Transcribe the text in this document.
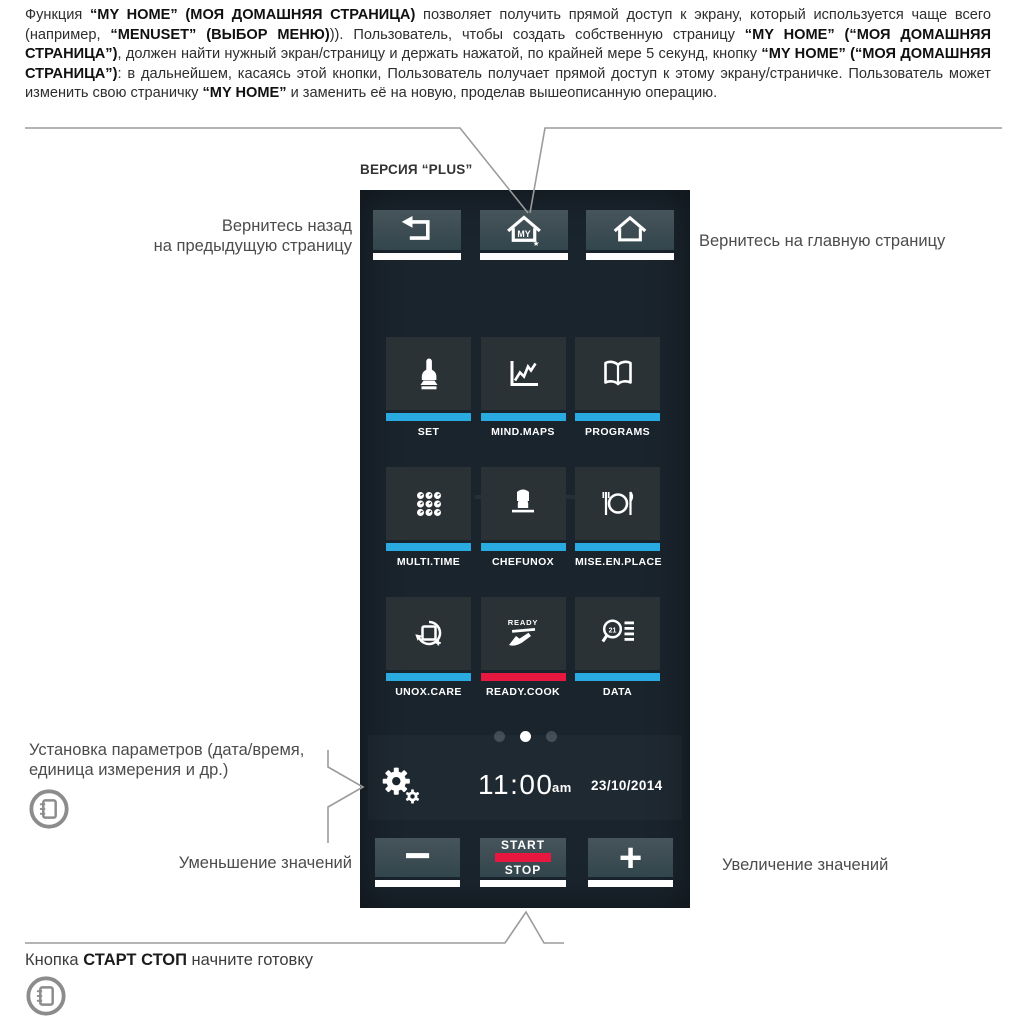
Функция “MY HOME” (МОЯ ДОМАШНЯЯ СТРАНИЦА) позволяет получить прямой доступ к экрану, который используется чаще всего (например, “MENUSET” (ВЫБОР МЕНЮ))). Пользователь, чтобы создать собственную страницу “MY HOME” (“МОЯ ДОМАШНЯЯ СТРАНИЦА”), должен найти нужный экран/страницу и держать нажатой, по крайней мере 5 секунд, кнопку “MY HOME” (“МОЯ ДОМАШНЯЯ СТРАНИЦА”): в дальнейшем, касаясь этой кнопки, Пользователь получает прямой доступ к этому экрану/страничке. Пользователь может изменить свою страничку “MY HOME” и заменить её на новую, проделав вышеописанную операцию.

ВЕРСИЯ “PLUS”
Вернитесь назад
на предыдущую страницу	Вернитесь на главную страницу
Установка параметров (дата/время,
единица измерения и др.)
Уменьшение значений	Увеличение значений
Кнопка СТАРТ СТОП начните готовку
MY
★
SET	MIND.MAPS	PROGRAMS
MULTI.TIME	CHEFUNOX	MISE.EN.PLACE
UNOX.CARE
READY
READY.COOK
21
DATA
11:00
am 23/10/2014
−	START
STOP +
